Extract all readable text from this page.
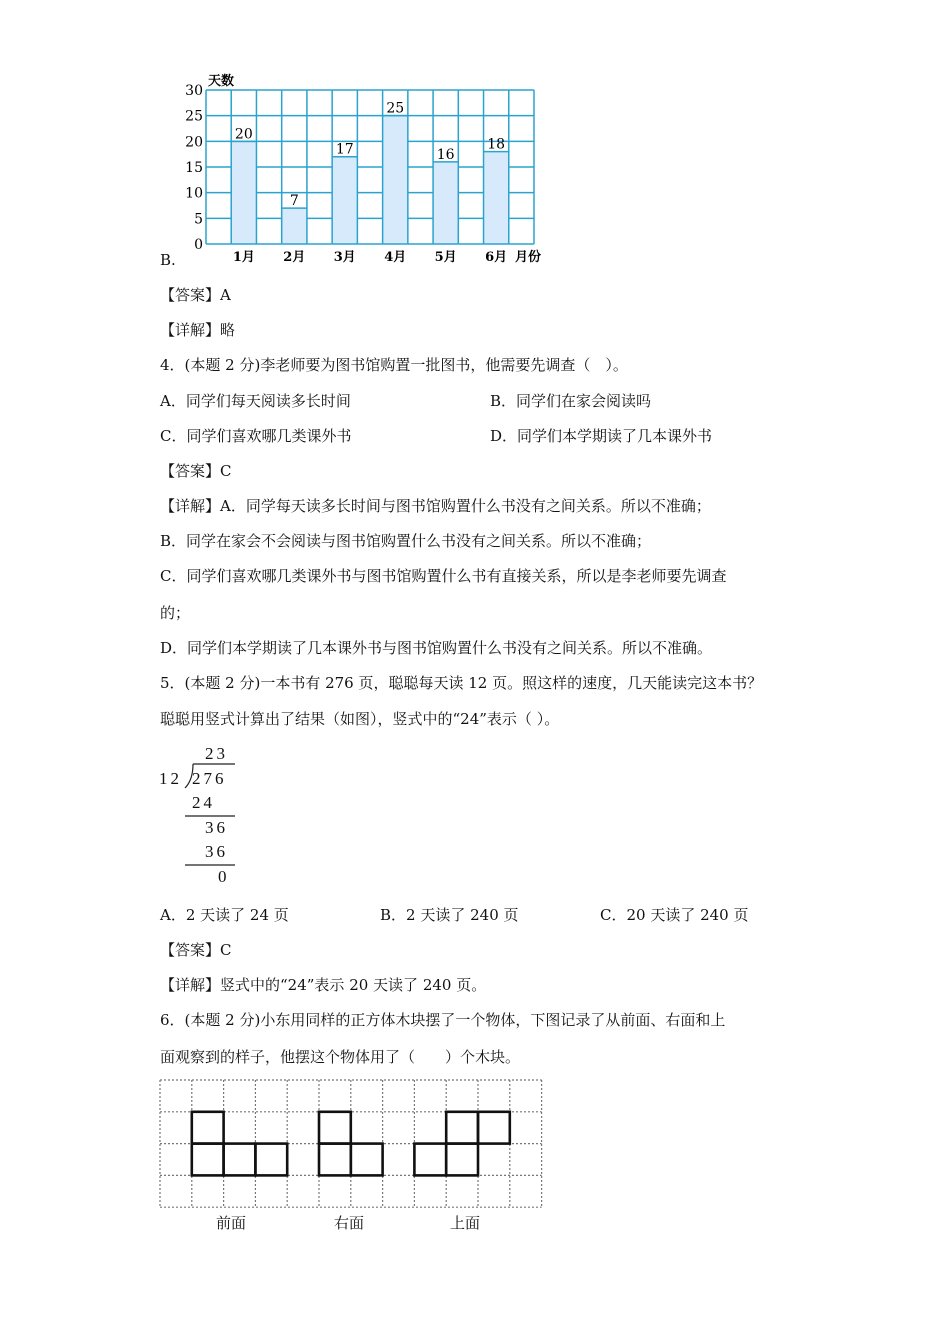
0
5
10
15
20
25
30
20
1月
7
2月
17
3月
25
4月
16
5月
18
6月
天数
月份
B.
【答案】A
【详解】略
4．(本题 2 分)李老师要为图书馆购置一批图书，他需要先调查（　）。
A．同学们每天阅读多长时间	B．同学们在家会阅读吗
C．同学们喜欢哪几类课外书	D．同学们本学期读了几本课外书
【答案】C
【详解】A．同学每天读多长时间与图书馆购置什么书没有之间关系。所以不准确；
B．同学在家会不会阅读与图书馆购置什么书没有之间关系。所以不准确；
C．同学们喜欢哪几类课外书与图书馆购置什么书有直接关系，所以是李老师要先调查
的；
D．同学们本学期读了几本课外书与图书馆购置什么书没有之间关系。所以不准确。
5．(本题 2 分)一本书有 276 页，聪聪每天读 12 页。照这样的速度，几天能读完这本书？
聪聪用竖式计算出了结果（如图），竖式中的“24”表示（ ）。
23
12 276
24
36
36
0
A．2 天读了 24 页	B．2 天读了 240 页	C．20 天读了 240 页
【答案】C
【详解】竖式中的“24”表示 20 天读了 240 页。
6．(本题 2 分)小东用同样的正方体木块摆了一个物体，下图记录了从前面、右面和上
面观察到的样子，他摆这个物体用了（　　）个木块。
前面	右面	上面
